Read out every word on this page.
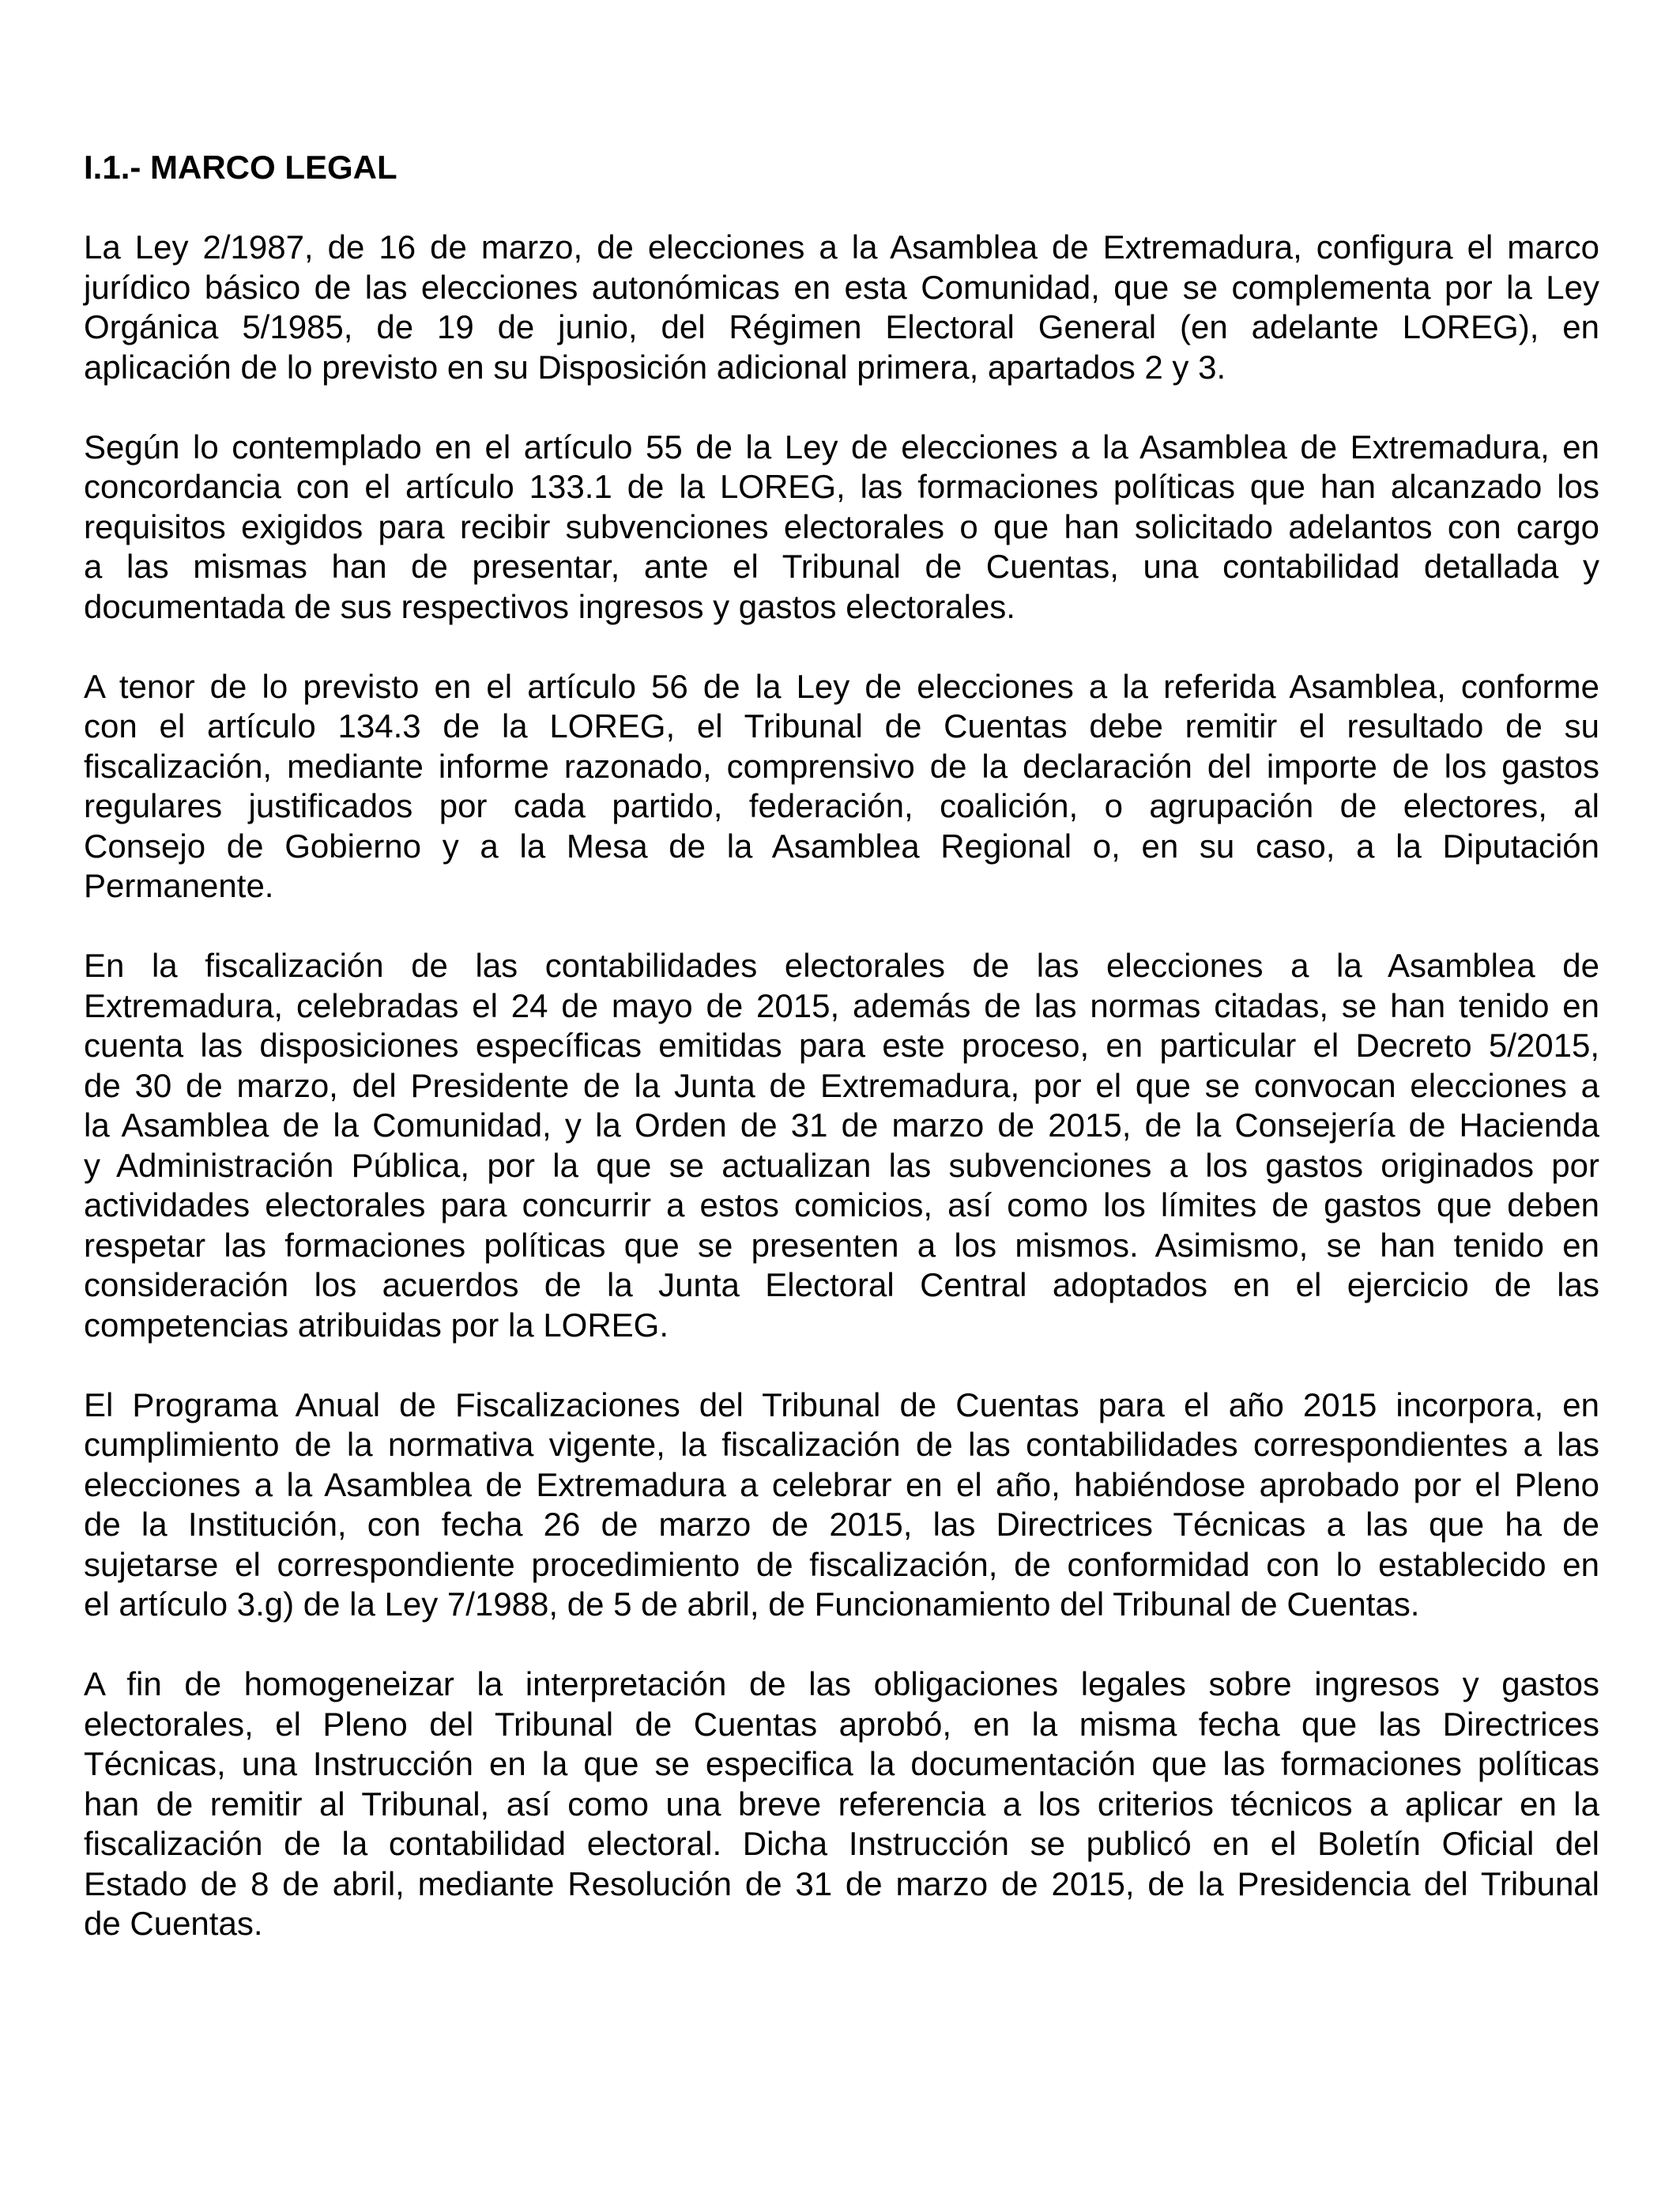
I.1.- MARCO LEGAL
La Ley 2/1987, de 16 de marzo, de elecciones a la Asamblea de Extremadura, configura el marco
jurídico básico de las elecciones autonómicas en esta Comunidad, que se complementa por la Ley
Orgánica 5/1985, de 19 de junio, del Régimen Electoral General (en adelante LOREG), en
aplicación de lo previsto en su Disposición adicional primera, apartados 2 y 3.
Según lo contemplado en el artículo 55 de la Ley de elecciones a la Asamblea de Extremadura, en
concordancia con el artículo 133.1 de la LOREG, las formaciones políticas que han alcanzado los
requisitos exigidos para recibir subvenciones electorales o que han solicitado adelantos con cargo
a las mismas han de presentar, ante el Tribunal de Cuentas, una contabilidad detallada y
documentada de sus respectivos ingresos y gastos electorales.
A tenor de lo previsto en el artículo 56 de la Ley de elecciones a la referida Asamblea, conforme
con el artículo 134.3 de la LOREG, el Tribunal de Cuentas debe remitir el resultado de su
fiscalización, mediante informe razonado, comprensivo de la declaración del importe de los gastos
regulares justificados por cada partido, federación, coalición, o agrupación de electores, al
Consejo de Gobierno y a la Mesa de la Asamblea Regional o, en su caso, a la Diputación
Permanente.
En la fiscalización de las contabilidades electorales de las elecciones a la Asamblea de
Extremadura, celebradas el 24 de mayo de 2015, además de las normas citadas, se han tenido en
cuenta las disposiciones específicas emitidas para este proceso, en particular el Decreto 5/2015,
de 30 de marzo, del Presidente de la Junta de Extremadura, por el que se convocan elecciones a
la Asamblea de la Comunidad, y la Orden de 31 de marzo de 2015, de la Consejería de Hacienda
y Administración Pública, por la que se actualizan las subvenciones a los gastos originados por
actividades electorales para concurrir a estos comicios, así como los límites de gastos que deben
respetar las formaciones políticas que se presenten a los mismos. Asimismo, se han tenido en
consideración los acuerdos de la Junta Electoral Central adoptados en el ejercicio de las
competencias atribuidas por la LOREG.
El Programa Anual de Fiscalizaciones del Tribunal de Cuentas para el año 2015 incorpora, en
cumplimiento de la normativa vigente, la fiscalización de las contabilidades correspondientes a las
elecciones a la Asamblea de Extremadura a celebrar en el año, habiéndose aprobado por el Pleno
de la Institución, con fecha 26 de marzo de 2015, las Directrices Técnicas a las que ha de
sujetarse el correspondiente procedimiento de fiscalización, de conformidad con lo establecido en
el artículo 3.g) de la Ley 7/1988, de 5 de abril, de Funcionamiento del Tribunal de Cuentas.
A fin de homogeneizar la interpretación de las obligaciones legales sobre ingresos y gastos
electorales, el Pleno del Tribunal de Cuentas aprobó, en la misma fecha que las Directrices
Técnicas, una Instrucción en la que se especifica la documentación que las formaciones políticas
han de remitir al Tribunal, así como una breve referencia a los criterios técnicos a aplicar en la
fiscalización de la contabilidad electoral. Dicha Instrucción se publicó en el Boletín Oficial del
Estado de 8 de abril, mediante Resolución de 31 de marzo de 2015, de la Presidencia del Tribunal
de Cuentas.
